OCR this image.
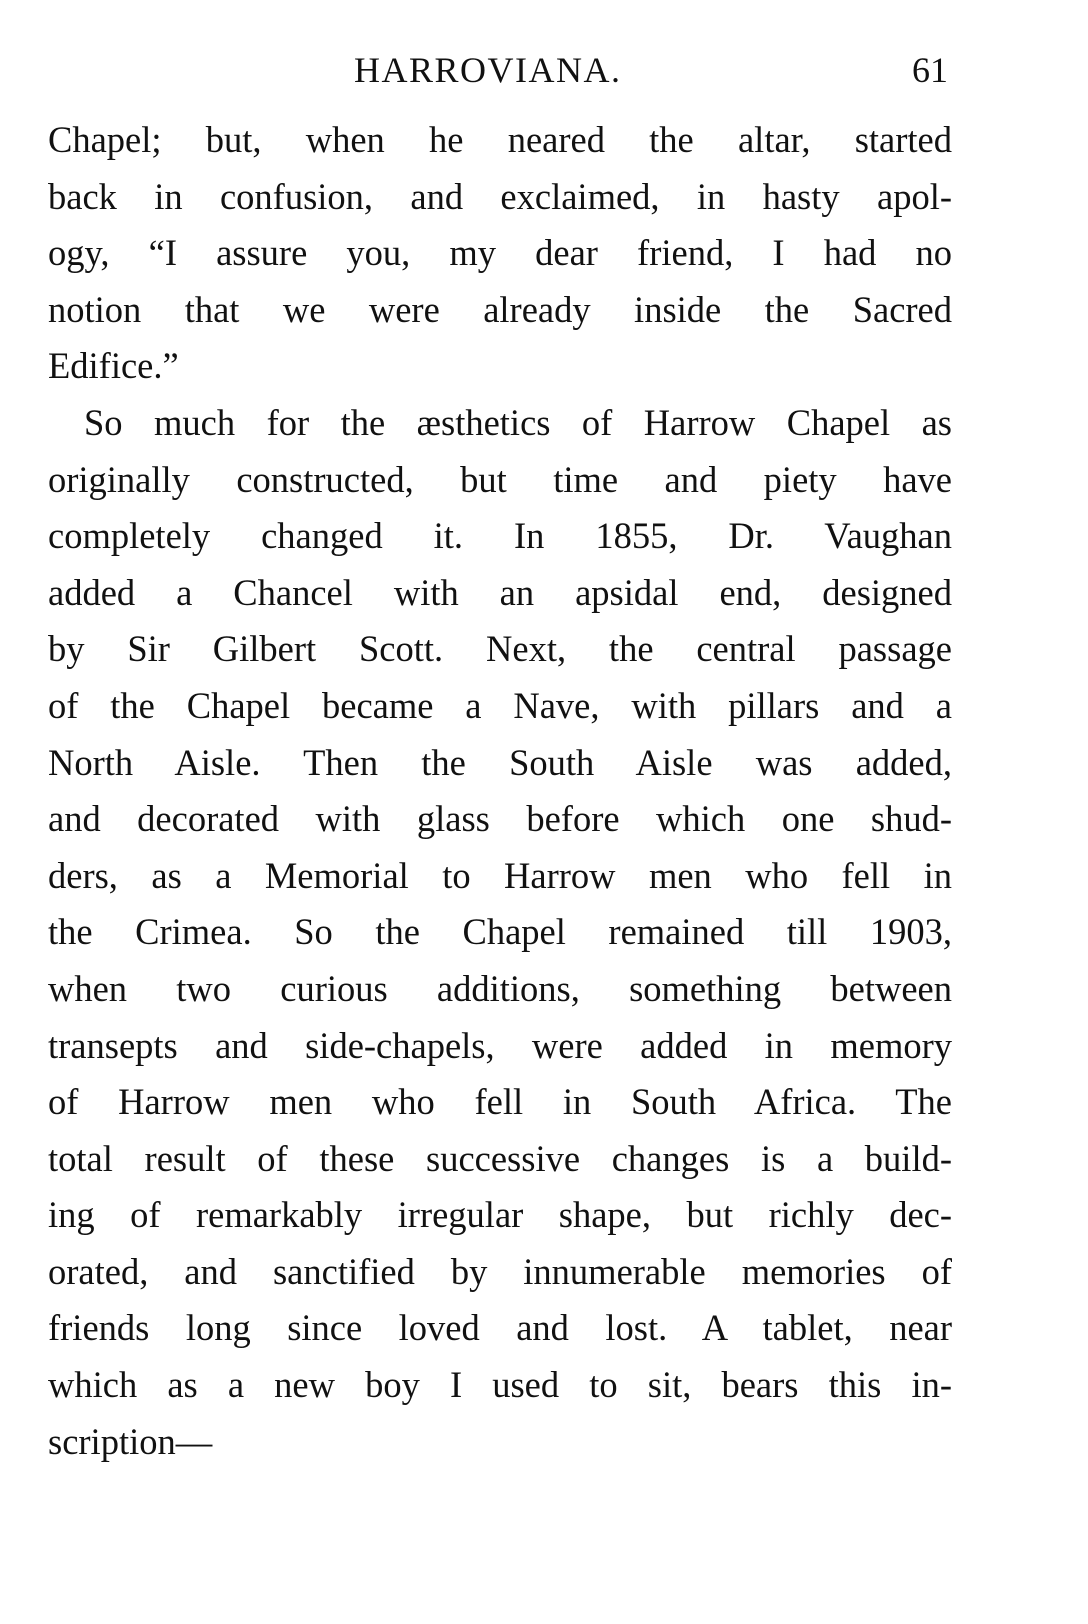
HARROVIANA.	61
Chapel; but, when he neared the altar, started
back in confusion, and exclaimed, in hasty apol-
ogy, “I assure you, my dear friend, I had no
notion that we were already inside the Sacred
Edifice.”
So much for the æsthetics of Harrow Chapel as
originally constructed, but time and piety have
completely changed it. In 1855, Dr. Vaughan
added a Chancel with an apsidal end, designed
by Sir Gilbert Scott. Next, the central passage
of the Chapel became a Nave, with pillars and a
North Aisle. Then the South Aisle was added,
and decorated with glass before which one shud-
ders, as a Memorial to Harrow men who fell in
the Crimea. So the Chapel remained till 1903,
when two curious additions, something between
transepts and side-chapels, were added in memory
of Harrow men who fell in South Africa. The
total result of these successive changes is a build-
ing of remarkably irregular shape, but richly dec-
orated, and sanctified by innumerable memories of
friends long since loved and lost. A tablet, near
which as a new boy I used to sit, bears this in-
scription—
